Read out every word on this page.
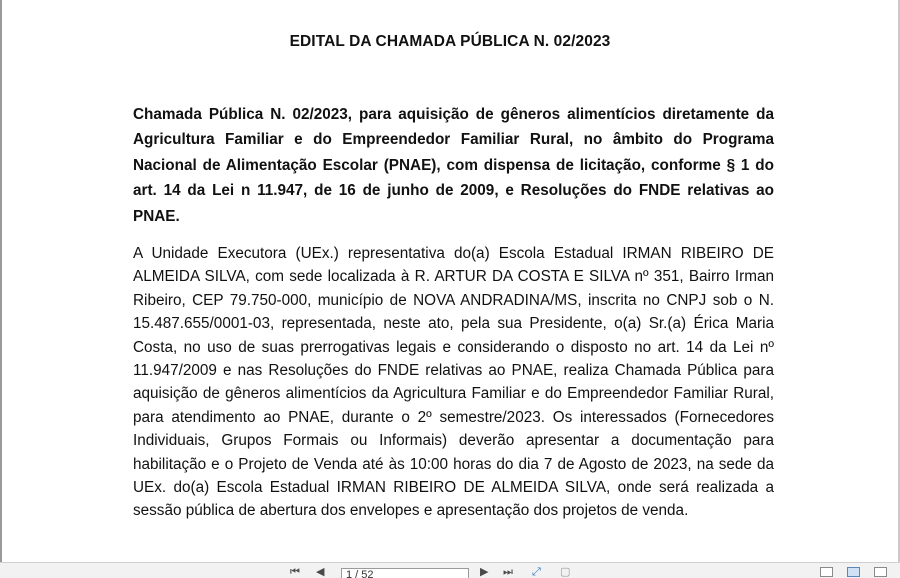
EDITAL DA CHAMADA PÚBLICA N. 02/2023

Chamada Pública N. 02/2023, para aquisição de gêneros alimentícios diretamente da Agricultura Familiar e do Empreendedor Familiar Rural, no âmbito do Programa Nacional de Alimentação Escolar (PNAE), com dispensa de licitação, conforme § 1 do art. 14 da Lei n 11.947, de 16 de junho de 2009, e Resoluções do FNDE relativas ao PNAE.

A Unidade Executora (UEx.) representativa do(a) Escola Estadual IRMAN RIBEIRO DE ALMEIDA SILVA, com sede localizada à R. ARTUR DA COSTA E SILVA nº 351, Bairro Irman Ribeiro, CEP 79.750-000, município de NOVA ANDRADINA/MS, inscrita no CNPJ sob o N. 15.487.655/0001-03, representada, neste ato, pela sua Presidente, o(a) Sr.(a) Érica Maria Costa, no uso de suas prerrogativas legais e considerando o disposto no art. 14 da Lei nº 11.947/2009 e nas Resoluções do FNDE relativas ao PNAE, realiza Chamada Pública para aquisição de gêneros alimentícios da Agricultura Familiar e do Empreendedor Familiar Rural, para atendimento ao PNAE, durante o 2º semestre/2023. Os interessados (Fornecedores Individuais, Grupos Formais ou Informais) deverão apresentar a documentação para habilitação e o Projeto de Venda até às 10:00 horas do dia 7 de Agosto de 2023, na sede da UEx. do(a) Escola Estadual IRMAN RIBEIRO DE ALMEIDA SILVA, onde será realizada a sessão pública de abertura dos envelopes e apresentação dos projetos de venda.

⏮ ◀	1 / 52	▶ ⏭ ⤢ ▢
